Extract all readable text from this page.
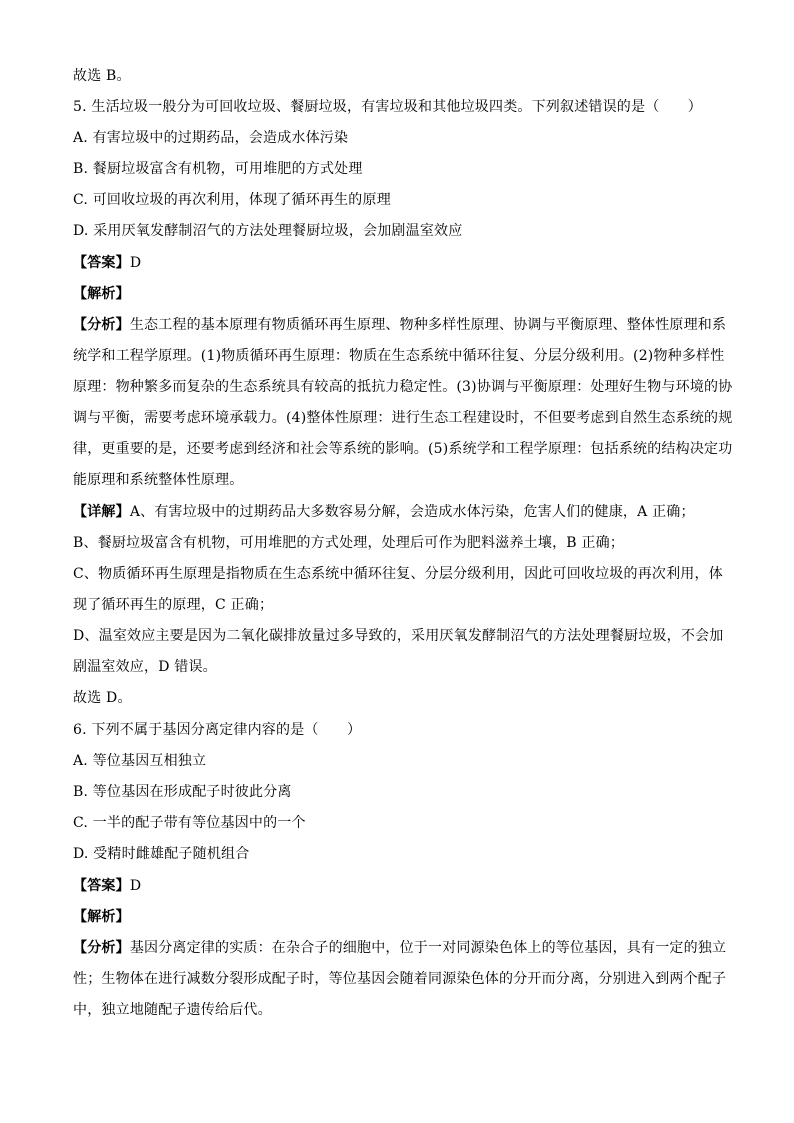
故选 B。
5. 生活垃圾一般分为可回收垃圾、餐厨垃圾，有害垃圾和其他垃圾四类。下列叙述错误的是（　　）
A. 有害垃圾中的过期药品，会造成水体污染
B. 餐厨垃圾富含有机物，可用堆肥的方式处理
C. 可回收垃圾的再次利用，体现了循环再生的原理
D. 采用厌氧发酵制沼气的方法处理餐厨垃圾，会加剧温室效应
【答案】D
【解析】
【分析】生态工程的基本原理有物质循环再生原理、物种多样性原理、协调与平衡原理、整体性原理和系
统学和工程学原理。(1)物质循环再生原理：物质在生态系统中循环往复、分层分级利用。(2)物种多样性
原理：物种繁多而复杂的生态系统具有较高的抵抗力稳定性。(3)协调与平衡原理：处理好生物与环境的协
调与平衡，需要考虑环境承载力。(4)整体性原理：进行生态工程建设时，不但要考虑到自然生态系统的规
律，更重要的是，还要考虑到经济和社会等系统的影响。(5)系统学和工程学原理：包括系统的结构决定功
能原理和系统整体性原理。
【详解】A、有害垃圾中的过期药品大多数容易分解，会造成水体污染，危害人们的健康，A 正确；
B、餐厨垃圾富含有机物，可用堆肥的方式处理，处理后可作为肥料滋养土壤，B 正确；
C、物质循环再生原理是指物质在生态系统中循环往复、分层分级利用，因此可回收垃圾的再次利用，体
现了循环再生的原理，C 正确；
D、温室效应主要是因为二氧化碳排放量过多导致的，采用厌氧发酵制沼气的方法处理餐厨垃圾，不会加
剧温室效应，D 错误。
故选 D。
6. 下列不属于基因分离定律内容的是（　　）
A. 等位基因互相独立
B. 等位基因在形成配子时彼此分离
C. 一半的配子带有等位基因中的一个
D. 受精时雌雄配子随机组合
【答案】D
【解析】
【分析】基因分离定律的实质：在杂合子的细胞中，位于一对同源染色体上的等位基因，具有一定的独立
性；生物体在进行减数分裂形成配子时，等位基因会随着同源染色体的分开而分离，分别进入到两个配子
中，独立地随配子遗传给后代。
